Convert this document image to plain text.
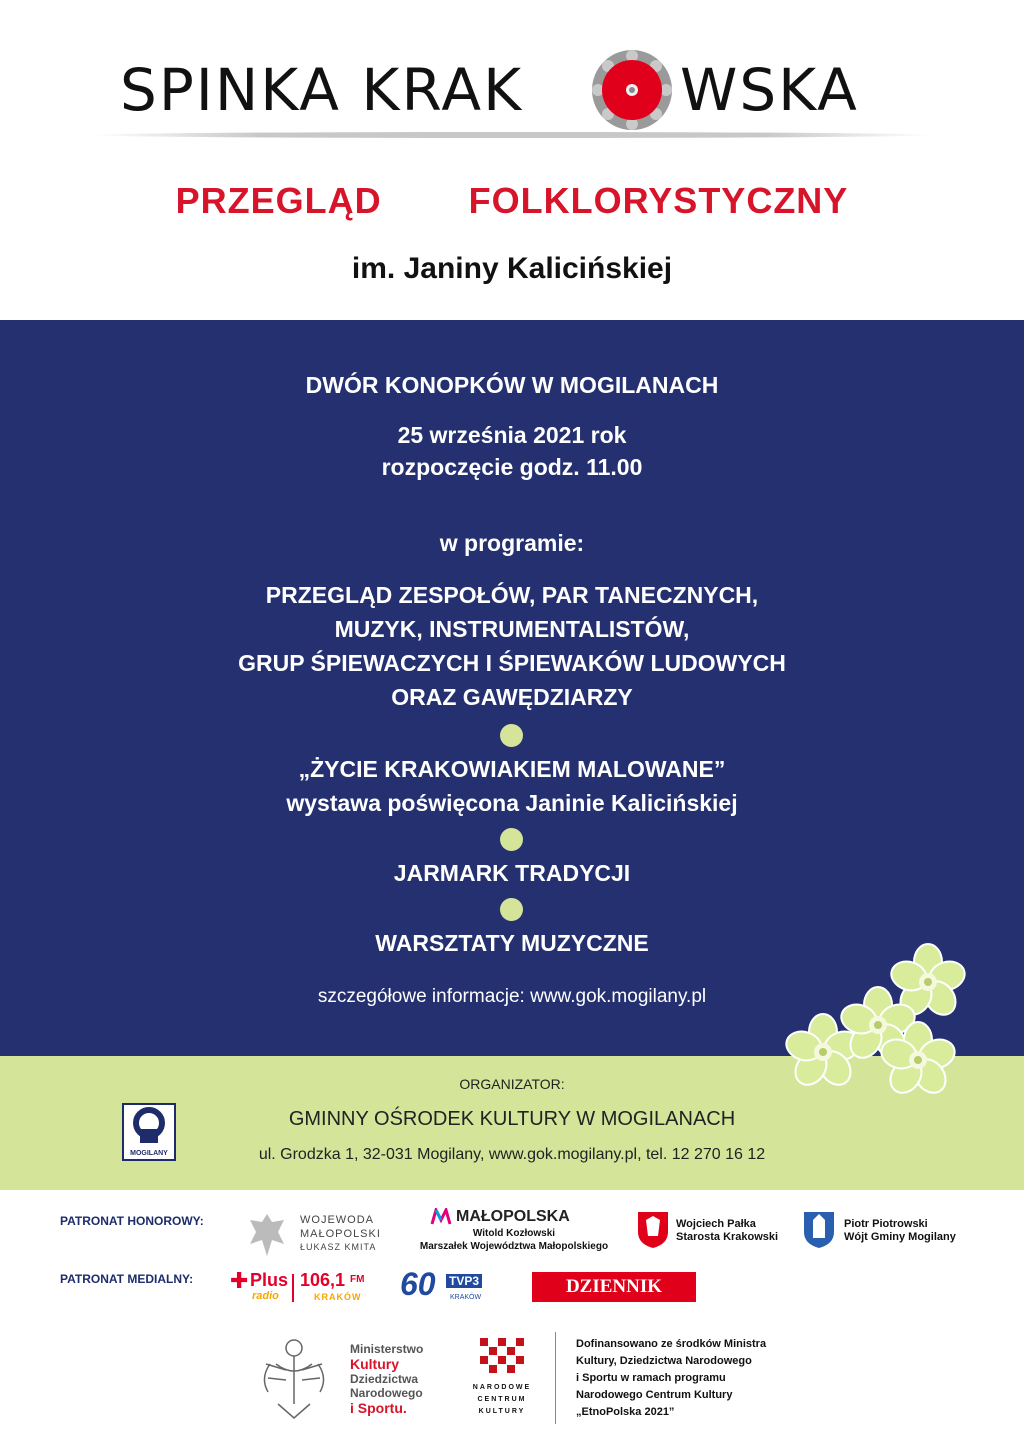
SPINKA KRAK	WSKA
PRZEGLĄD   FOLKLORYSTYCZNY
im. Janiny Kalicińskiej
DWÓR KONOPKÓW W MOGILANACH
25 września 2021 rok
rozpoczęcie godz. 11.00
w programie:
PRZEGLĄD ZESPOŁÓW, PAR TANECZNYCH,
MUZYK, INSTRUMENTALISTÓW,
GRUP ŚPIEWACZYCH I ŚPIEWAKÓW LUDOWYCH
ORAZ GAWĘDZIARZY
„ŻYCIE KRAKOWIAKIEM MALOWANE”
wystawa poświęcona Janinie Kalicińskiej
JARMARK TRADYCJI
WARSZTATY MUZYCZNE
szczegółowe informacje: www.gok.mogilany.pl
ORGANIZATOR:
GMINNY OŚRODEK KULTURY W MOGILANACH
ul. Grodzka 1, 32-031 Mogilany, www.gok.mogilany.pl, tel. 12 270 16 12
MOGILANY
PATRONAT HONOROWY:
PATRONAT MEDIALNY:
WOJEWODA
MAŁOPOLSKI
ŁUKASZ KMITA
MAŁOPOLSKA
Witold Kozłowski
Marszałek Województwa Małopolskiego
Wojciech Pałka
Starosta Krakowski
Piotr Piotrowski
Wójt Gminy Mogilany
✚ Plus
radio
106,1 FM
KRAKÓW 60 TVP3
KRAKÓW
DZIENNIK POLSKI
Ministerstwo
Kultury
Dziedzictwa
Narodowego
i Sportu.
NARODOWE
CENTRUM
KULTURY
Dofinansowano ze środków Ministra
Kultury, Dziedzictwa Narodowego
i Sportu w ramach programu
Narodowego Centrum Kultury
„EtnoPolska 2021”
